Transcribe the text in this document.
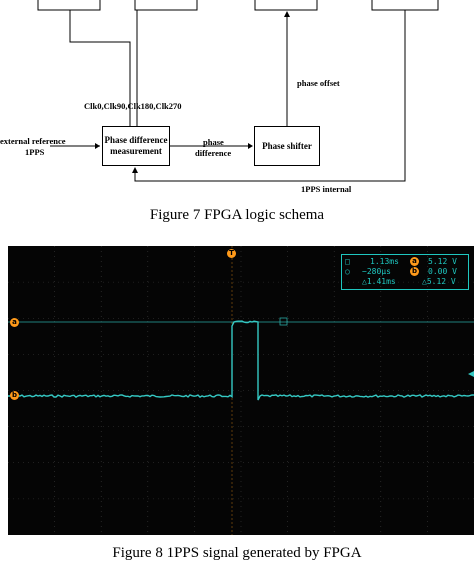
Phase difference measurement
Phase shifter
Clk0,Clk90,Clk180,Clk270
external reference
1PPS
phase
difference
phase offset
1PPS internal
Figure 7 FPGA logic schema
T
a
b
□
○
1.13ms	a 5.12 V
−280µs	b 0.00 V
△1.41ms	△5.12 V
Figure 8 1PPS signal generated by FPGA
